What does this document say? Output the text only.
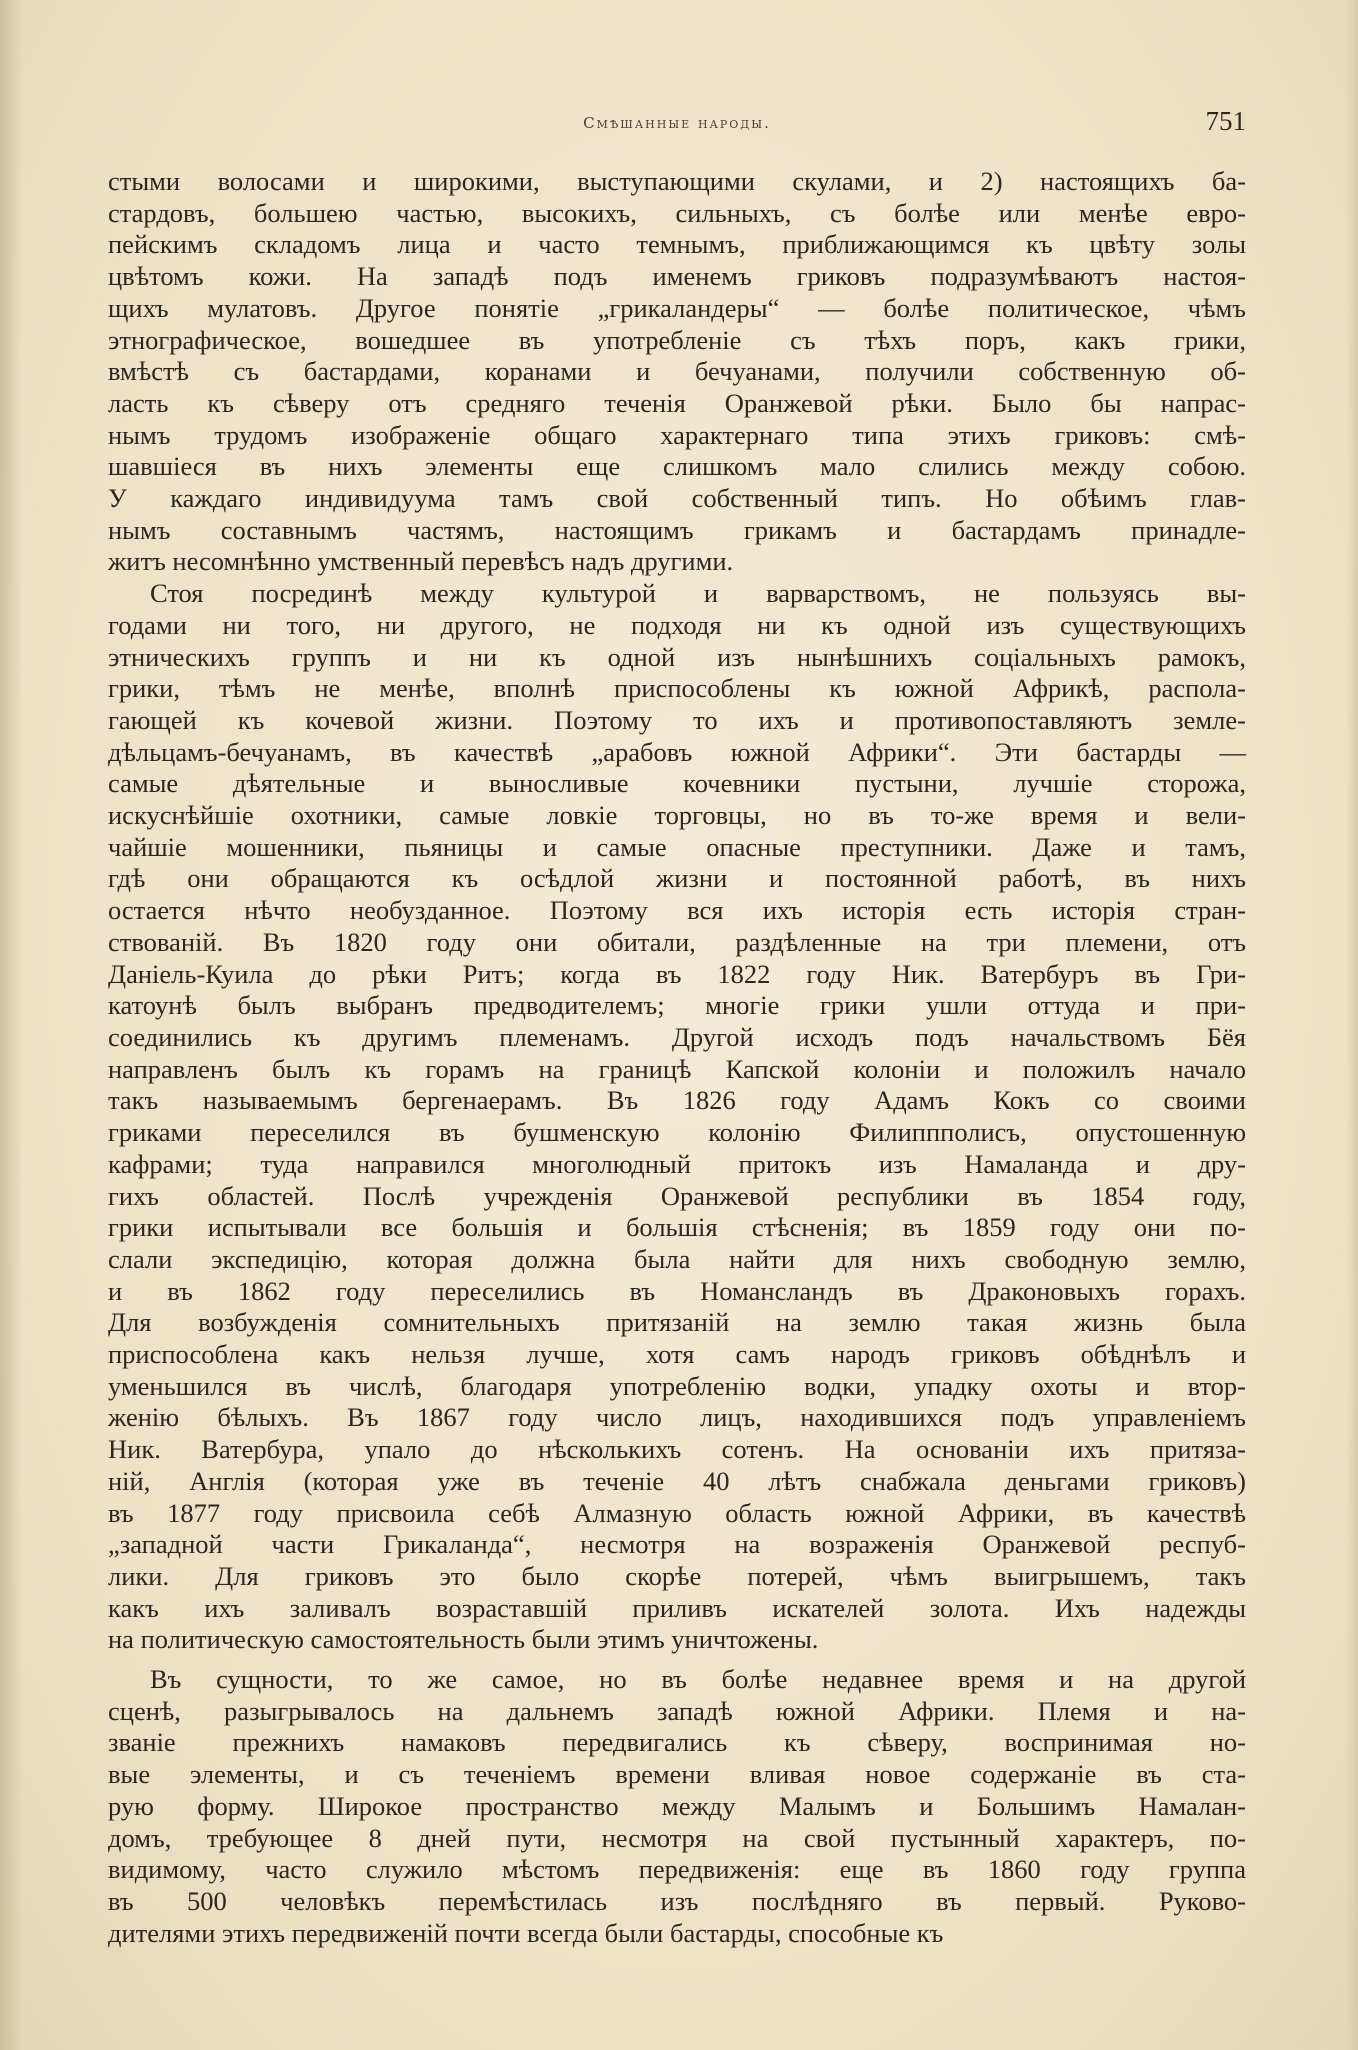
Смѣшанные народы.	751
стыми волосами и широкими, выступающими скулами, и 2) настоящихъ ба-
стардовъ, большею частью, высокихъ, сильныхъ, съ болѣе или менѣе евро-
пейскимъ складомъ лица и часто темнымъ, приближающимся къ цвѣту золы
цвѣтомъ кожи. На западѣ подъ именемъ гриковъ подразумѣваютъ настоя-
щихъ мулатовъ. Другое понятіе „грикаландеры“ — болѣе политическое, чѣмъ
этнографическое, вошедшее въ употребленіе съ тѣхъ поръ, какъ грики,
вмѣстѣ съ бастардами, коранами и бечуанами, получили собственную об-
ласть къ сѣверу отъ средняго теченія Оранжевой рѣки. Было бы напрас-
нымъ трудомъ изображеніе общаго характернаго типа этихъ гриковъ: смѣ-
шавшіеся въ нихъ элементы еще слишкомъ мало слились между собою.
У каждаго индивидуума тамъ свой собственный типъ. Но обѣимъ глав-
нымъ составнымъ частямъ, настоящимъ грикамъ и бастардамъ принадле-
житъ несомнѣнно умственный перевѣсъ надъ другими.
Стоя посрединѣ между культурой и варварствомъ, не пользуясь вы-
годами ни того, ни другого, не подходя ни къ одной изъ существующихъ
этническихъ группъ и ни къ одной изъ нынѣшнихъ соціальныхъ рамокъ,
грики, тѣмъ не менѣе, вполнѣ приспособлены къ южной Африкѣ, распола-
гающей къ кочевой жизни. Поэтому то ихъ и противопоставляютъ земле-
дѣльцамъ-бечуанамъ, въ качествѣ „арабовъ южной Африки“. Эти бастарды —
самые дѣятельные и выносливые кочевники пустыни, лучшіе сторожа,
искуснѣйшіе охотники, самые ловкіе торговцы, но въ то-же время и вели-
чайшіе мошенники, пьяницы и самые опасные преступники. Даже и тамъ,
гдѣ они обращаются къ осѣдлой жизни и постоянной работѣ, въ нихъ
остается нѣчто необузданное. Поэтому вся ихъ исторія есть исторія стран-
ствованій. Въ 1820 году они обитали, раздѣленные на три племени, отъ
Даніель-Куила до рѣки Ритъ; когда въ 1822 году Ник. Ватербуръ въ Гри-
катоунѣ былъ выбранъ предводителемъ; многіе грики ушли оттуда и при-
соединились къ другимъ племенамъ. Другой исходъ подъ начальствомъ Бёя
направленъ былъ къ горамъ на границѣ Капской колоніи и положилъ начало
такъ называемымъ бергенаерамъ. Въ 1826 году Адамъ Кокъ со своими
гриками переселился въ бушменскую колонію Филиппполисъ, опустошенную
кафрами; туда направился многолюдный притокъ изъ Намаланда и дру-
гихъ областей. Послѣ учрежденія Оранжевой республики въ 1854 году,
грики испытывали все большія и большія стѣсненія; въ 1859 году они по-
слали экспедицію, которая должна была найти для нихъ свободную землю,
и въ 1862 году переселились въ Номансландъ въ Драконовыхъ горахъ.
Для возбужденія сомнительныхъ притязаній на землю такая жизнь была
приспособлена какъ нельзя лучше, хотя самъ народъ гриковъ обѣднѣлъ и
уменьшился въ числѣ, благодаря употребленію водки, упадку охоты и втор-
женію бѣлыхъ. Въ 1867 году число лицъ, находившихся подъ управленіемъ
Ник. Ватербура, упало до нѣсколькихъ сотенъ. На основаніи ихъ притяза-
ній, Англія (которая уже въ теченіе 40 лѣтъ снабжала деньгами гриковъ)
въ 1877 году присвоила себѣ Алмазную область южной Африки, въ качествѣ
„западной части Грикаланда“, несмотря на возраженія Оранжевой респуб-
лики. Для гриковъ это было скорѣе потерей, чѣмъ выигрышемъ, такъ
какъ ихъ заливалъ возраставшій приливъ искателей золота. Ихъ надежды
на политическую самостоятельность были этимъ уничтожены.
Въ сущности, то же самое, но въ болѣе недавнее время и на другой
сценѣ, разыгрывалось на дальнемъ западѣ южной Африки. Племя и на-
званіе прежнихъ намаковъ передвигались къ сѣверу, воспринимая но-
вые элементы, и съ теченіемъ времени вливая новое содержаніе въ ста-
рую форму. Широкое пространство между Малымъ и Большимъ Намалан-
домъ, требующее 8 дней пути, несмотря на свой пустынный характеръ, по-
видимому, часто служило мѣстомъ передвиженія: еще въ 1860 году группа
въ 500 человѣкъ перемѣстилась изъ послѣдняго въ первый. Руково-
дителями этихъ передвиженій почти всегда были бастарды, способные къ
